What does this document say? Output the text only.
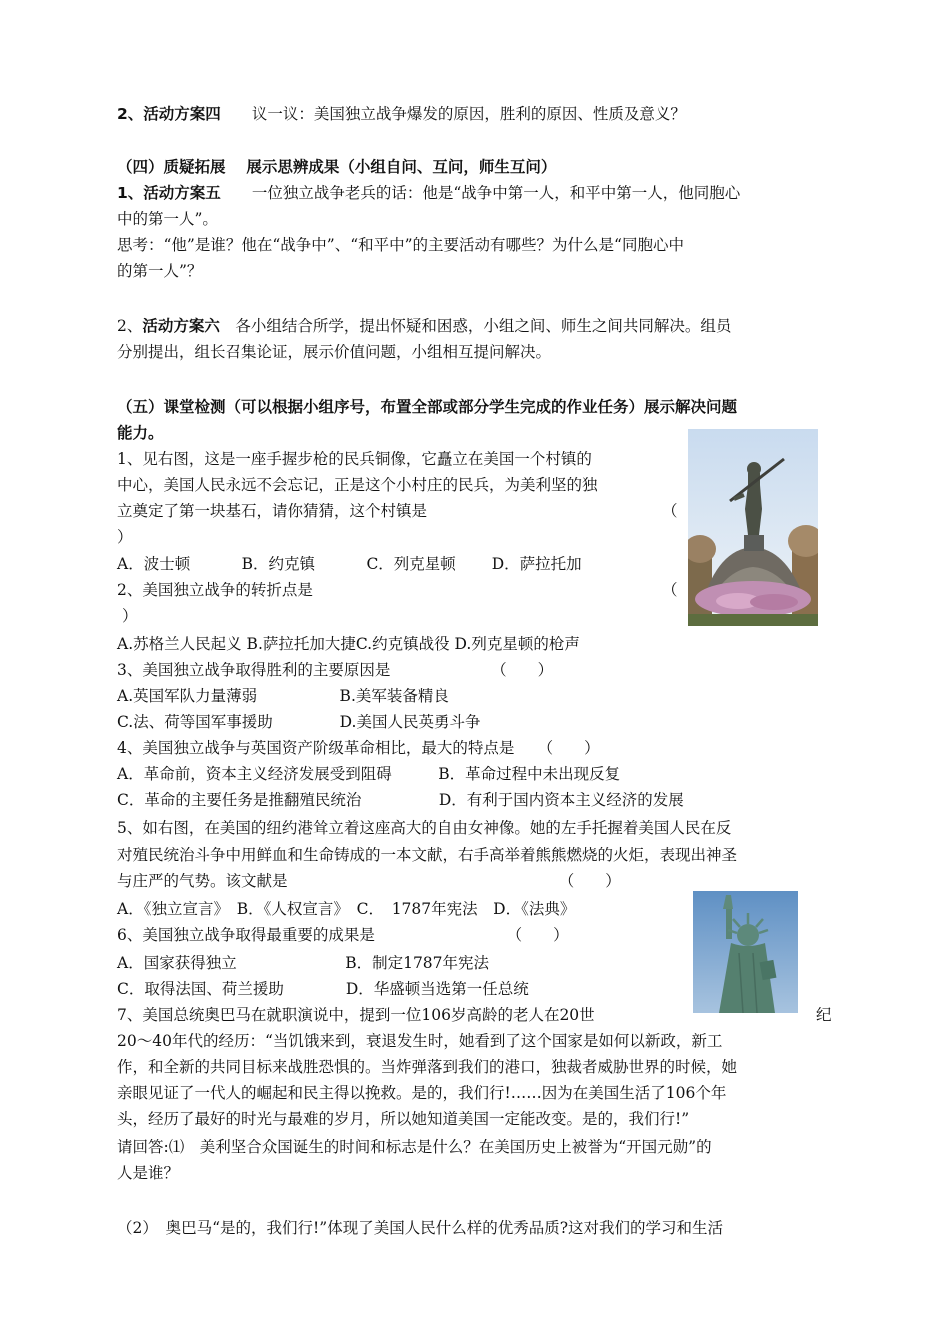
2、活动方案四　　 议一议：美国独立战争爆发的原因，胜利的原因、性质及意义？
（四）质疑拓展　 展示思辨成果（小组自问、互问，师生互问）
1、活动方案五　　 一位独立战争老兵的话：他是“战争中第一人，和平中第一人，他同胞心
中的第一人”。
思考：“他”是谁？他在“战争中”、“和平中”的主要活动有哪些？为什么是“同胞心中
的第一人”？
2、活动方案六　 各小组结合所学，提出怀疑和困惑，小组之间、师生之间共同解决。组员
分别提出，组长召集论证，展示价值问题，小组相互提问解决。
（五）课堂检测（可以根据小组序号，布置全部或部分学生完成的作业任务）展示解决问题
能力。
1、见右图，这是一座手握步枪的民兵铜像，它矗立在美国一个村镇的
中心，美国人民永远不会忘记，正是这个小村庄的民兵，为美利坚的独
立奠定了第一块基石，请你猜猜，这个村镇是	（
）
A．波士顿　　　 B．约克镇　　　 C．列克星顿　　 D．萨拉托加
2、美国独立战争的转折点是	（
）
A.苏格兰人民起义 B.萨拉托加大捷C.约克镇战役 D.列克星顿的枪声
3、美国独立战争取得胜利的主要原因是　　　　　　　（　　）
A.英国军队力量薄弱　　　　　 B.美军装备精良
C.法、荷等国军事援助　　　　 D.美国人民英勇斗争
4、美国独立战争与英国资产阶级革命相比，最大的特点是　　（　　）
A．革命前，资本主义经济发展受到阻碍　　　B．革命过程中未出现反复
C．革命的主要任务是推翻殖民统治　　　　　D．有利于国内资本主义经济的发展
5、如右图，在美国的纽约港耸立着这座高大的自由女神像。她的左手托握着美国人民在反
对殖民统治斗争中用鲜血和生命铸成的一本文献，右手高举着熊熊燃烧的火炬，表现出神圣
与庄严的气势。该文献是　　　　　　　　　　　　　　　　　　（　　）
A．《独立宣言》　B．《人权宣言》　C．　1787年宪法　D．《法典》
6、美国独立战争取得最重要的成果是　　　　　　　　　（　　）
A．国家获得独立　　　　　　　B．制定1787年宪法
C．取得法国、荷兰援助　　　　D．华盛顿当选第一任总统
7、美国总统奥巴马在就职演说中，提到一位106岁高龄的老人在20世	纪
20～40年代的经历：“当饥饿来到，衰退发生时，她看到了这个国家是如何以新政，新工
作，和全新的共同目标来战胜恐惧的。当炸弹落到我们的港口，独裁者威胁世界的时候，她
亲眼见证了一代人的崛起和民主得以挽救。是的，我们行!……因为在美国生活了106个年
头，经历了最好的时光与最难的岁月，所以她知道美国一定能改变。是的，我们行!”
请回答:⑴　美利坚合众国诞生的时间和标志是什么？在美国历史上被誉为“开国元勋”的
人是谁？
（2）　奥巴马“是的，我们行!”体现了美国人民什么样的优秀品质?这对我们的学习和生活
